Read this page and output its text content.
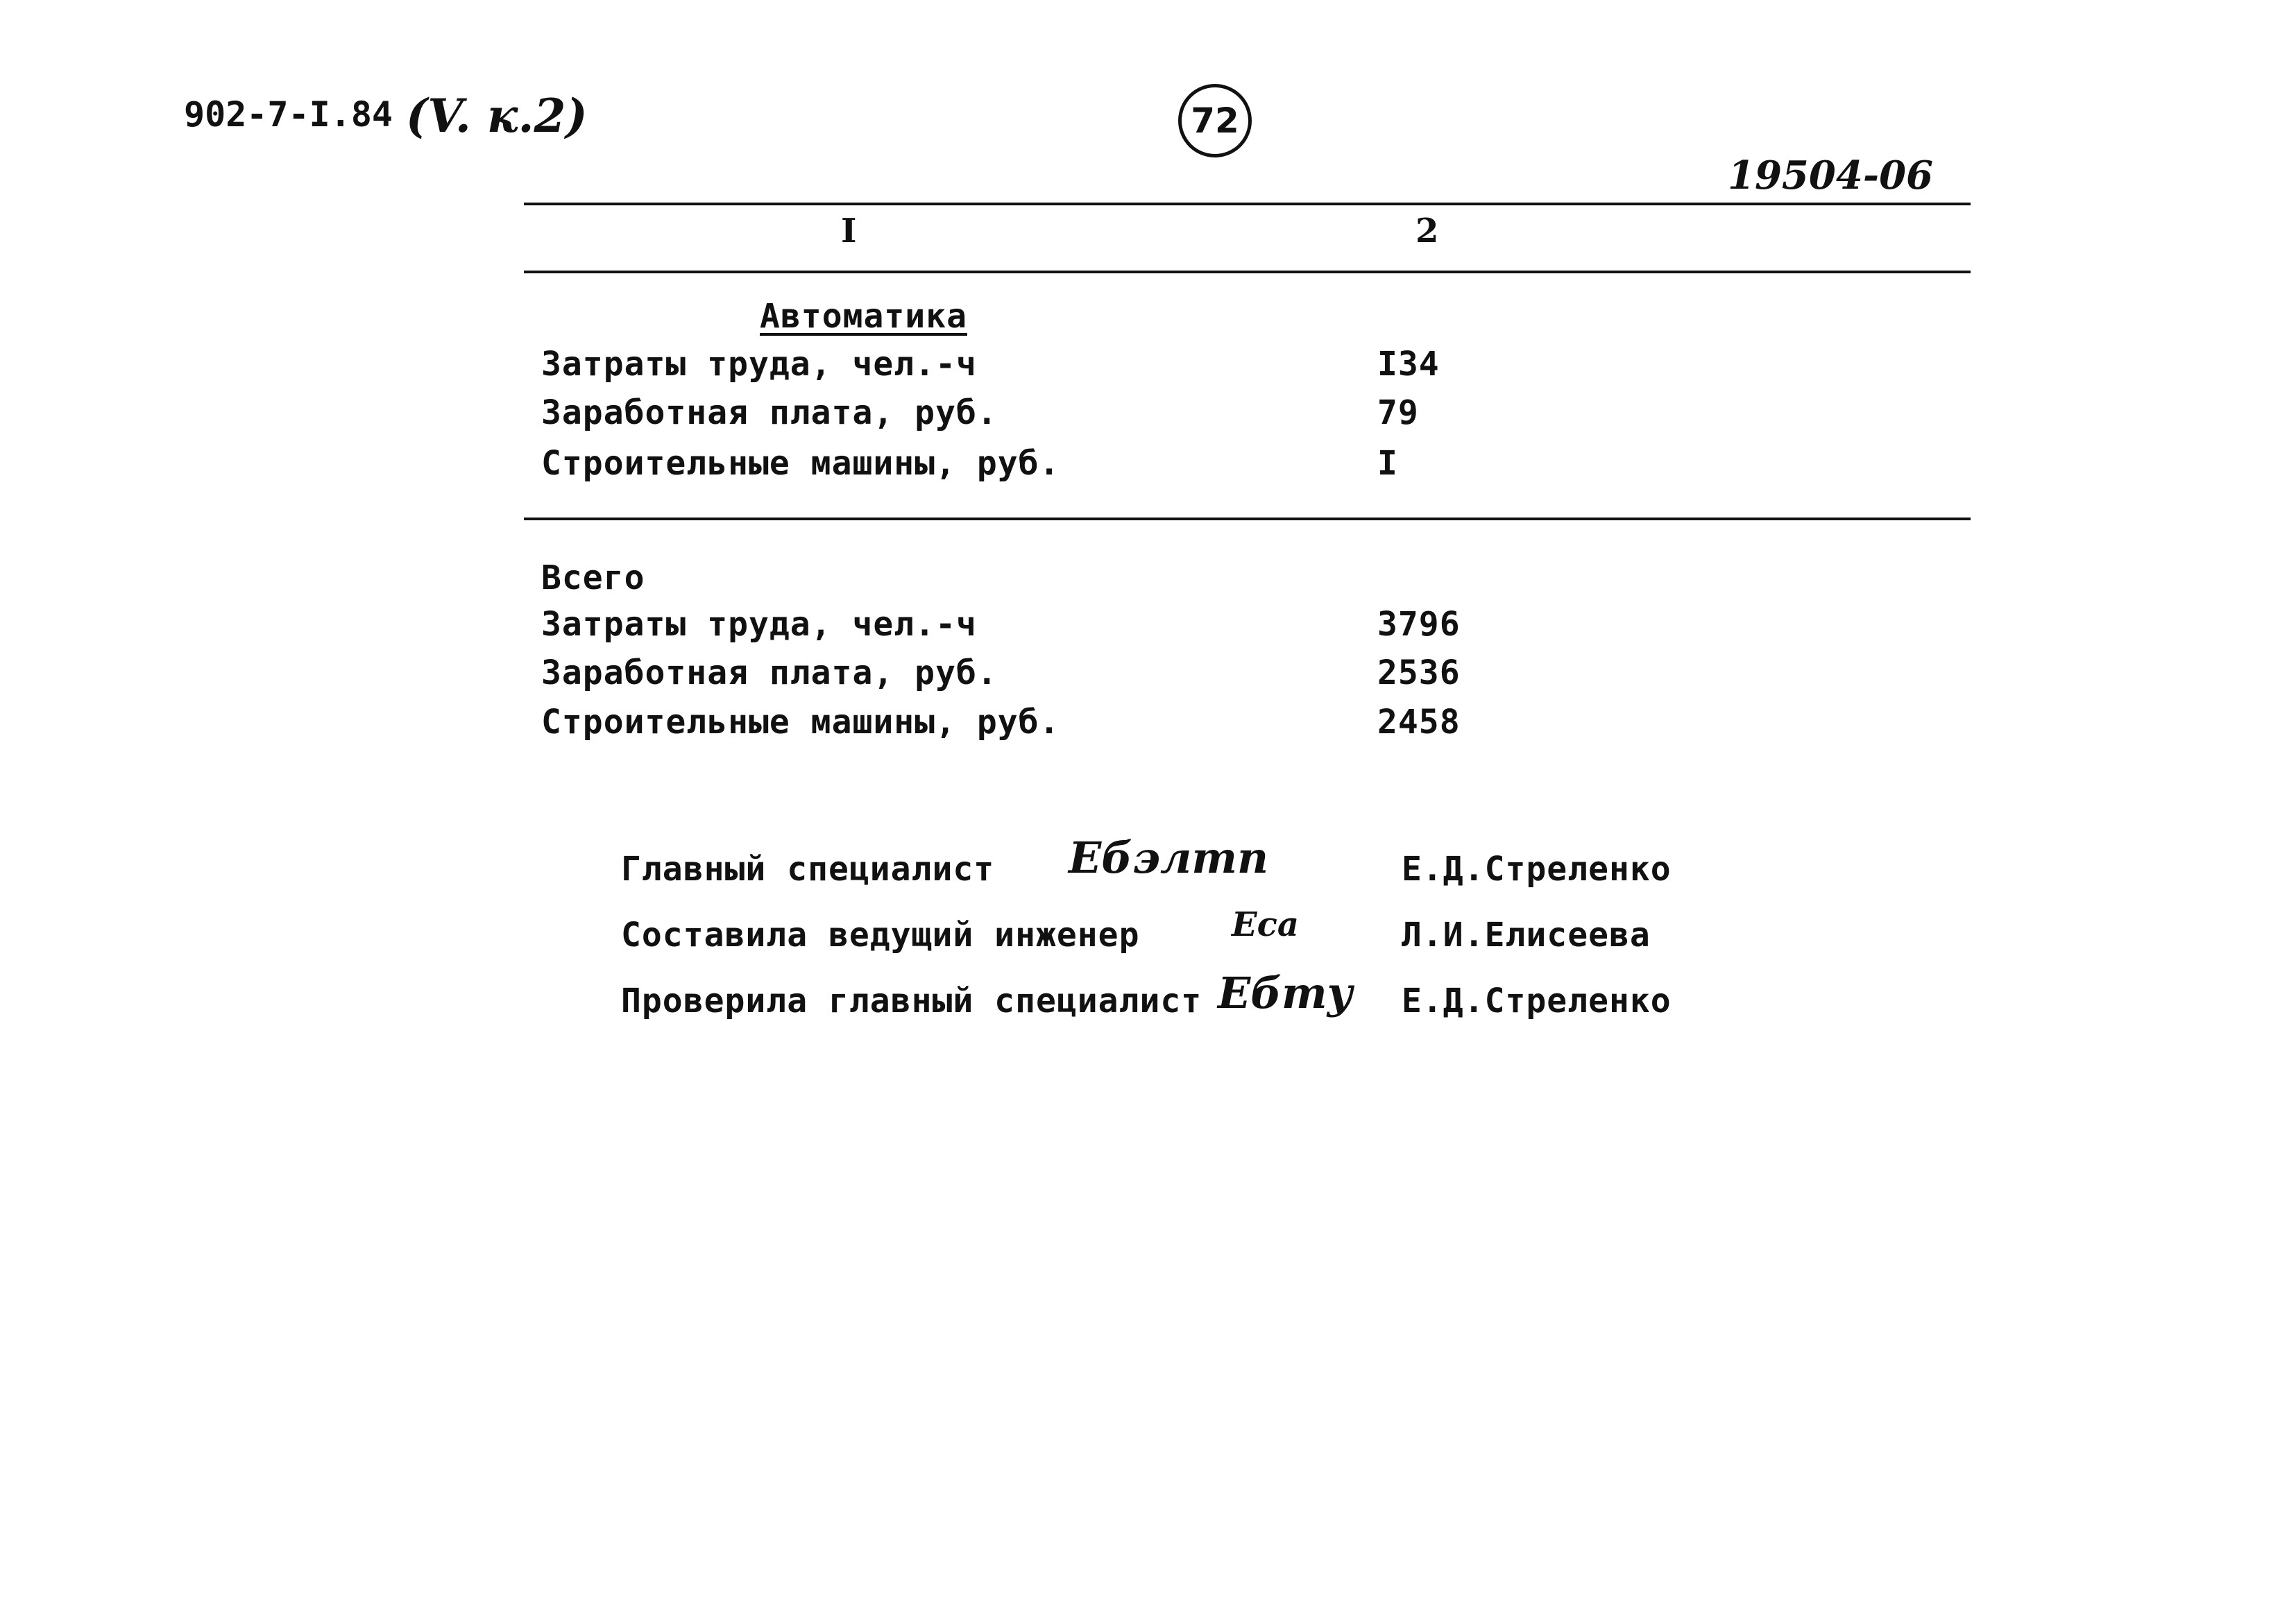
902-7-I.84 (V. к.2)	72
19504-06
I	2
Автоматика
Затраты труда, чел.-ч	I34
Заработная плата, руб.	79
Строительные машины, руб.	I
Всего
Затраты труда, чел.-ч	3796
Заработная плата, руб.	2536
Строительные машины, руб.	2458
Главный специалист Ебэлтп	Е.Д.Стреленко
Составила ведущий инженер	Еса	Л.И.Елисеева
Проверила главный специалист Ебту Е.Д.Стреленко
